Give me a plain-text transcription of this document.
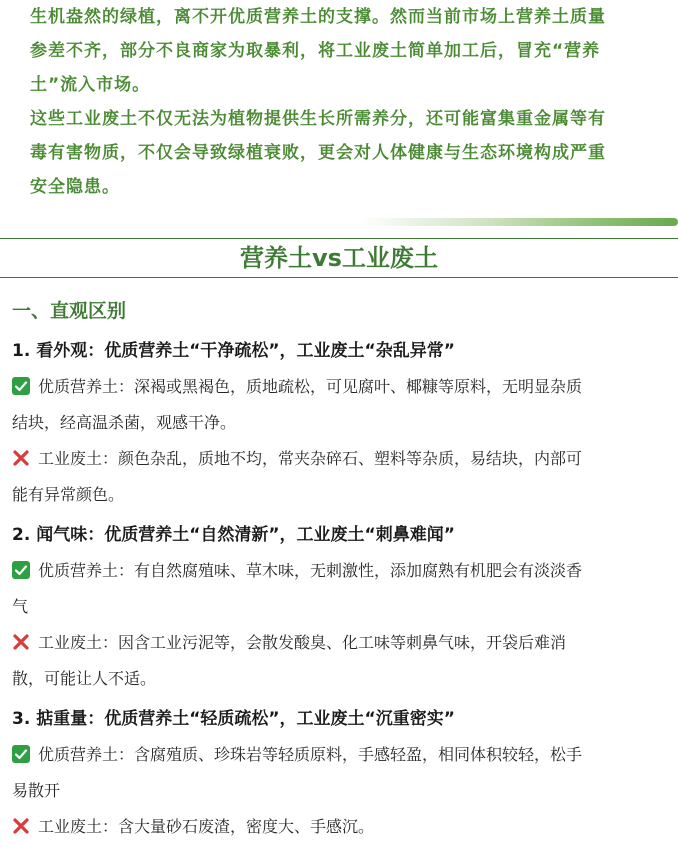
生机盎然的绿植，离不开优质营养土的支撑。然而当前市场上营养土质量

参差不齐，部分不良商家为取暴利，将工业废土简单加工后，冒充“营养

土”流入市场。

这些工业废土不仅无法为植物提供生长所需养分，还可能富集重金属等有

毒有害物质，不仅会导致绿植衰败，更会对人体健康与生态环境构成严重

安全隐患。

营养土vs工业废土

一、直观区别

1. 看外观：优质营养土“干净疏松”，工业废土“杂乱异常”

优质营养土：深褐或黑褐色，质地疏松，可见腐叶、椰糠等原料，无明显杂质

结块，经高温杀菌，观感干净。

工业废土：颜色杂乱，质地不均，常夹杂碎石、塑料等杂质，易结块，内部可

能有异常颜色。

2. 闻气味：优质营养土“自然清新”，工业废土“刺鼻难闻”

优质营养土：有自然腐殖味、草木味，无刺激性，添加腐熟有机肥会有淡淡香

气

工业废土：因含工业污泥等，会散发酸臭、化工味等刺鼻气味，开袋后难消

散，可能让人不适。

3. 掂重量：优质营养土“轻质疏松”，工业废土“沉重密实”

优质营养土：含腐殖质、珍珠岩等轻质原料，手感轻盈，相同体积较轻，松手

易散开

工业废土：含大量砂石废渣，密度大、手感沉。
